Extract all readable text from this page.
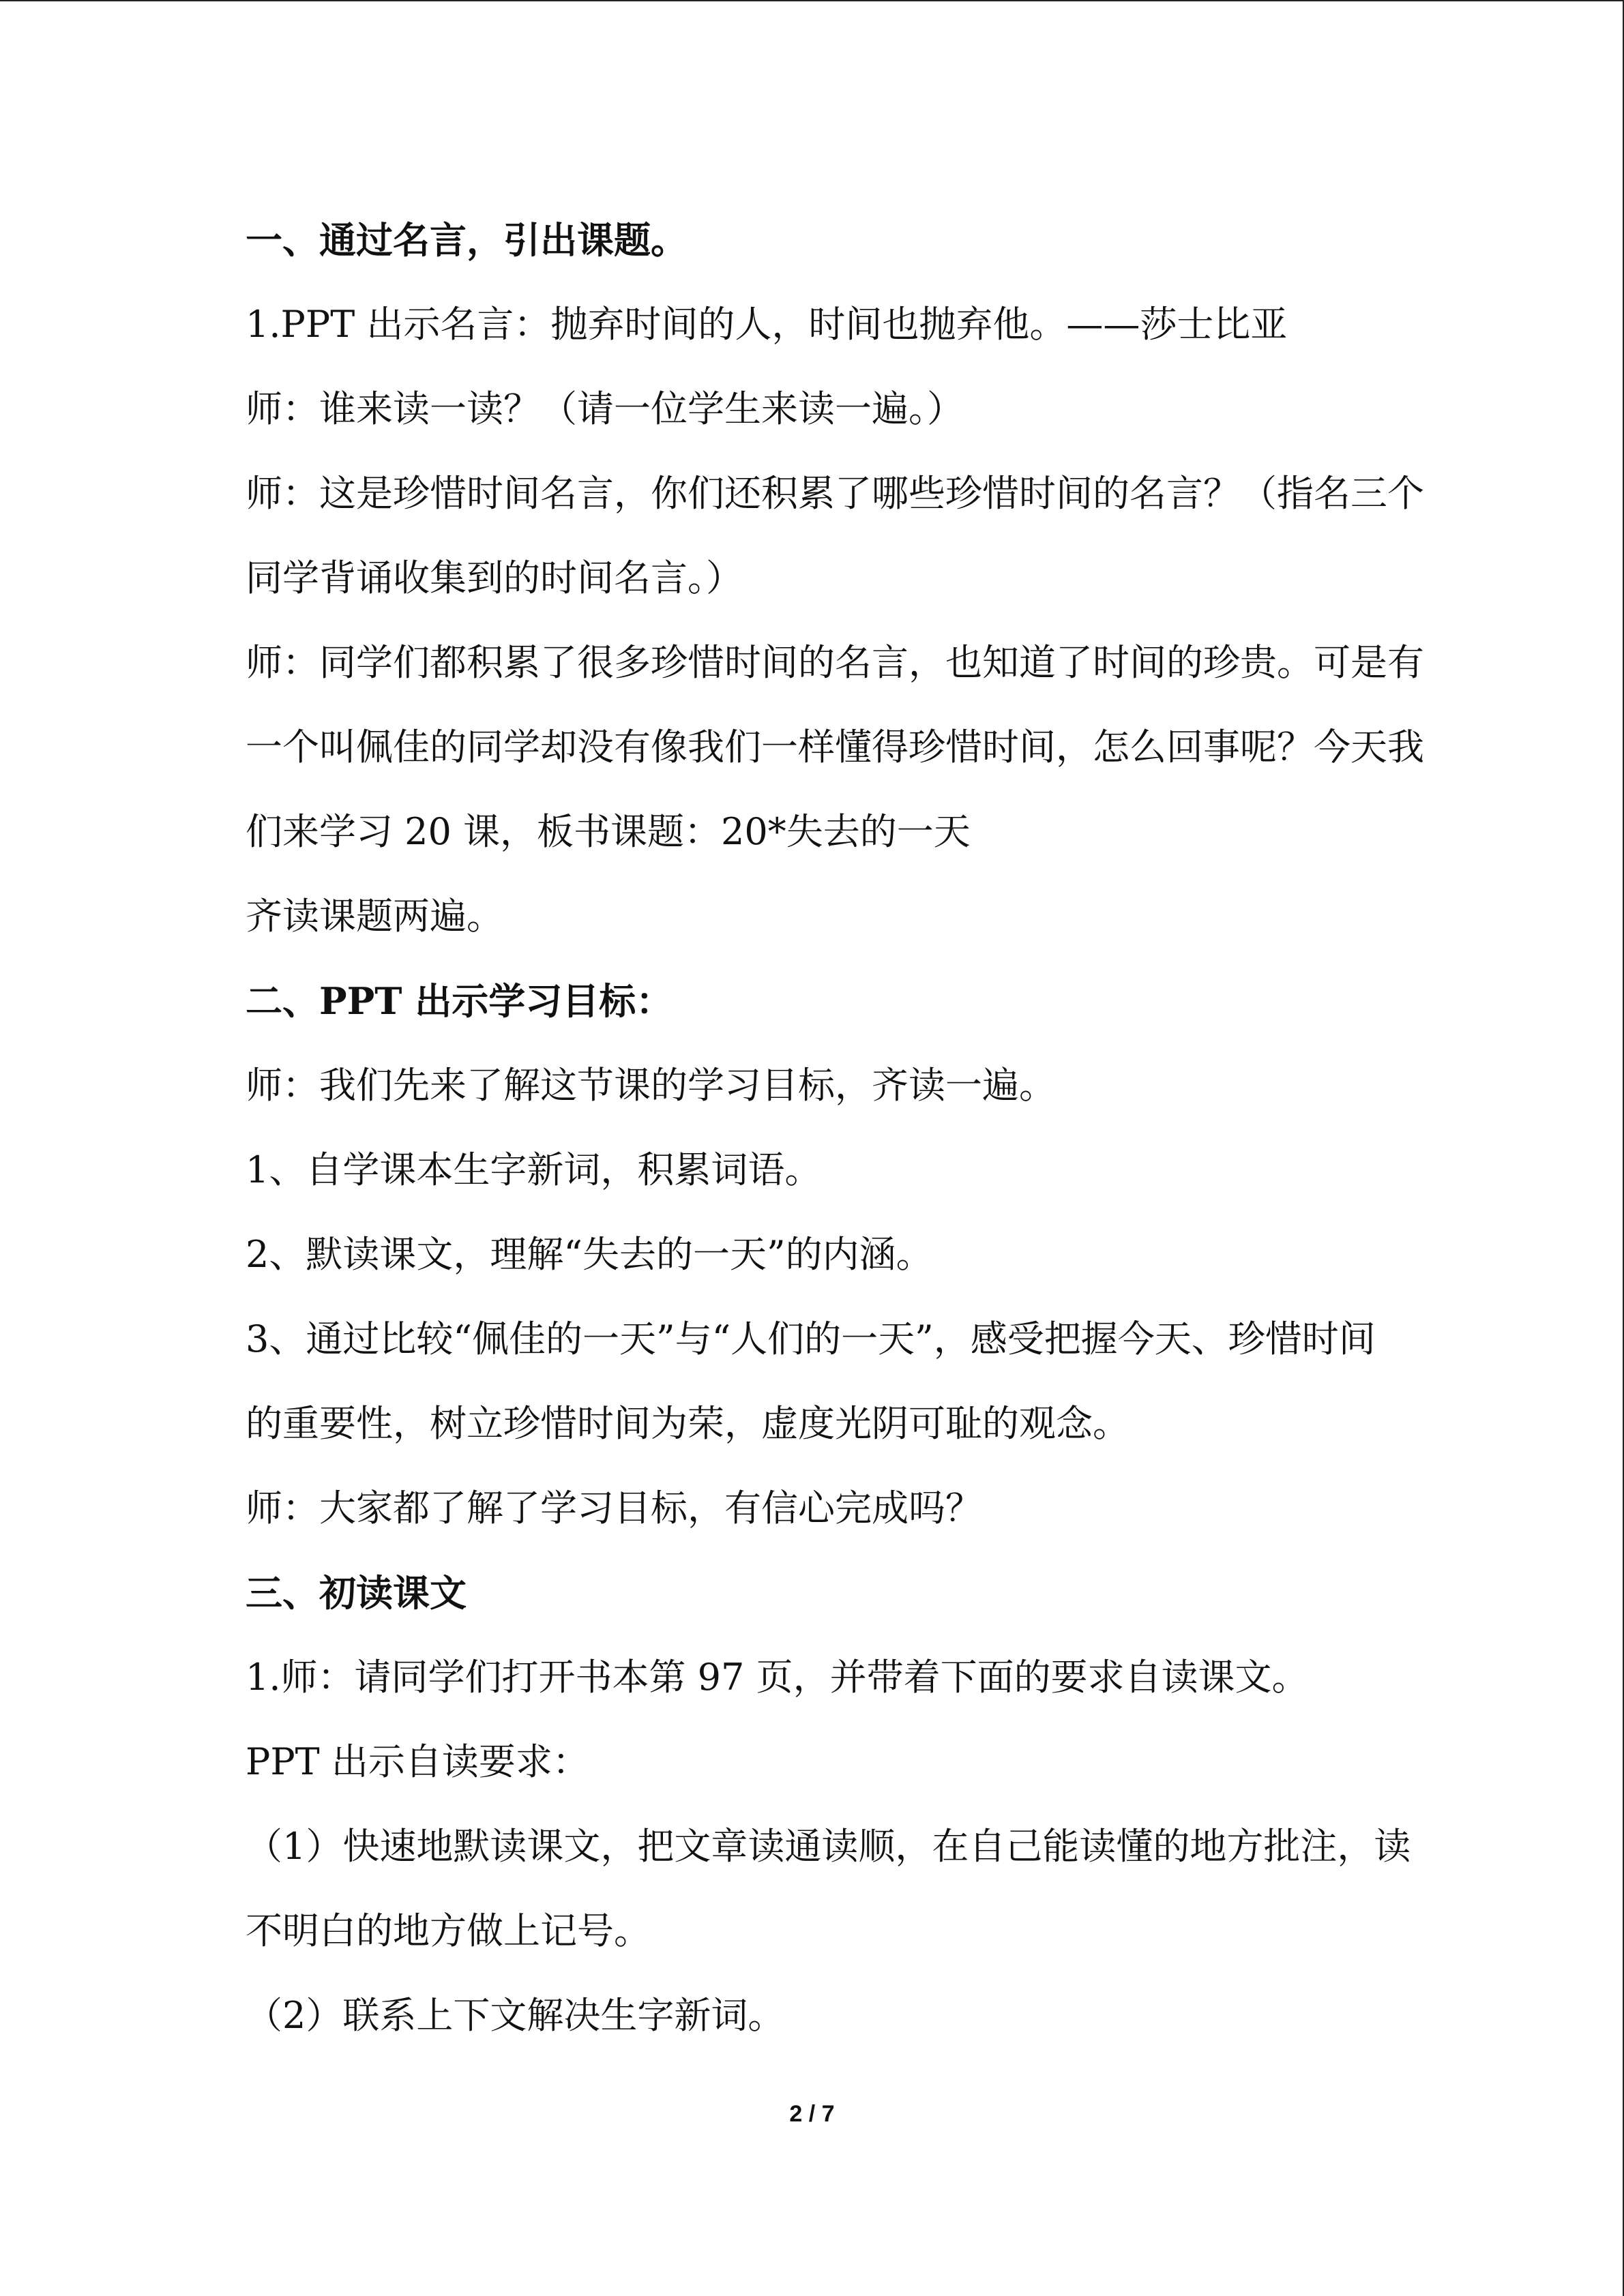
一、通过名言，引出课题。
1.PPT 出示名言：抛弃时间的人，时间也抛弃他。——莎士比亚
师：谁来读一读？（请一位学生来读一遍。）
师：这是珍惜时间名言，你们还积累了哪些珍惜时间的名言？（指名三个
同学背诵收集到的时间名言。）
师：同学们都积累了很多珍惜时间的名言，也知道了时间的珍贵。可是有
一个叫佩佳的同学却没有像我们一样懂得珍惜时间，怎么回事呢？今天我
们来学习 20 课，板书课题：20*失去的一天
齐读课题两遍。
二、PPT 出示学习目标：
师：我们先来了解这节课的学习目标，齐读一遍。
1、自学课本生字新词，积累词语。
2、默读课文，理解“失去的一天”的内涵。
3、通过比较“佩佳的一天”与“人们的一天”，感受把握今天、珍惜时间
的重要性，树立珍惜时间为荣，虚度光阴可耻的观念。
师：大家都了解了学习目标，有信心完成吗？
三、初读课文
1.师：请同学们打开书本第 97 页，并带着下面的要求自读课文。
PPT 出示自读要求：
（1）快速地默读课文，把文章读通读顺，在自己能读懂的地方批注，读
不明白的地方做上记号。
（2）联系上下文解决生字新词。
2 / 7
